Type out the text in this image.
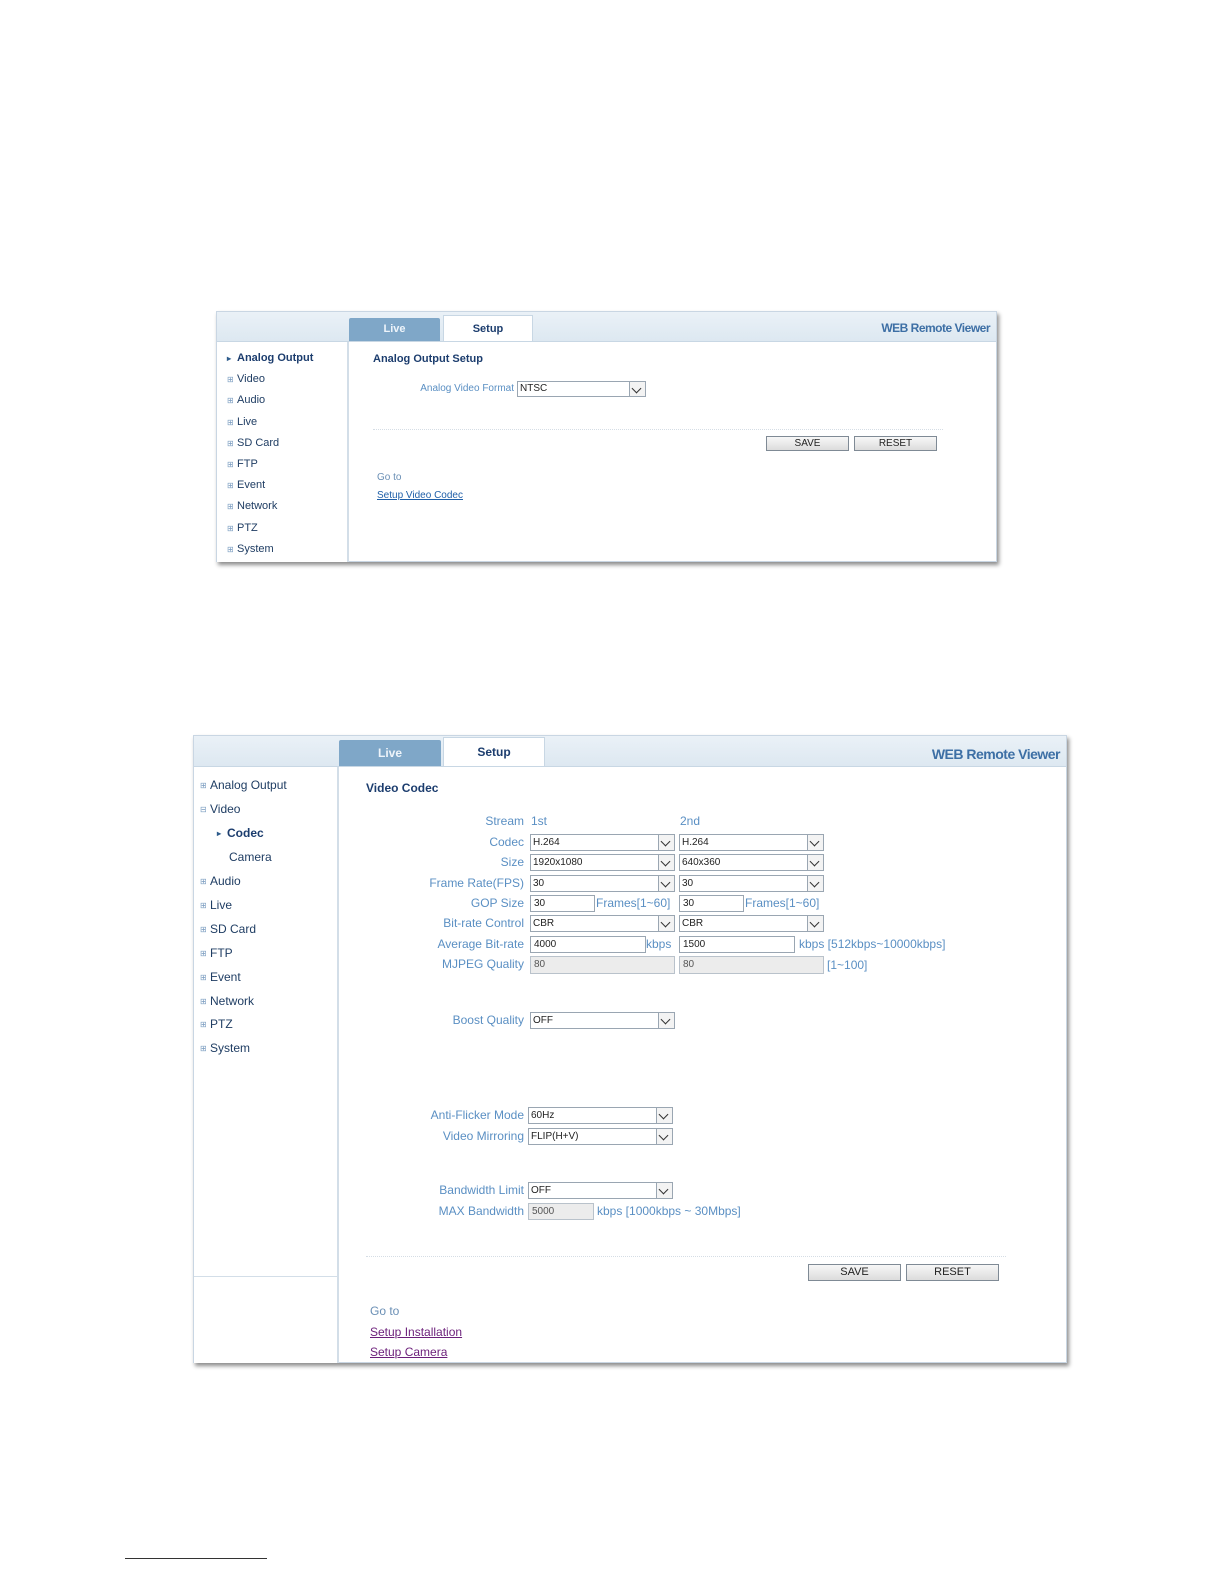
Live	Setup	WEB Remote Viewer
▸ Analog Output
⊞ Video
⊞ Audio
⊞ Live
⊞ SD Card
⊞ FTP
⊞ Event
⊞ Network
⊞ PTZ
⊞ System
Analog Output Setup
Analog Video Format NTSC
SAVE	RESET
Go to
Setup Video Codec
Live	Setup	WEB Remote Viewer
⊞ Analog Output
⊟ Video
▸ Codec
Camera
⊞ Audio
⊞ Live
⊞ SD Card
⊞ FTP
⊞ Event
⊞ Network
⊞ PTZ
⊞ System
Video Codec
Stream 1st	2nd
Codec H.264	H.264
Size 1920x1080	640x360
Frame Rate(FPS) 30	30
GOP Size	30	Frames[1~60]	30	Frames[1~60]
Bit-rate Control CBR	CBR
Average Bit-rate	4000	kbps	1500	kbps [512kbps~10000kbps]
MJPEG Quality	80	80	[1~100]
Boost Quality OFF
Anti-Flicker Mode 60Hz
Video Mirroring FLIP(H+V)
Bandwidth Limit OFF
MAX Bandwidth 5000	kbps [1000kbps ~ 30Mbps]
SAVE	RESET
Go to
Setup Installation
Setup Camera
